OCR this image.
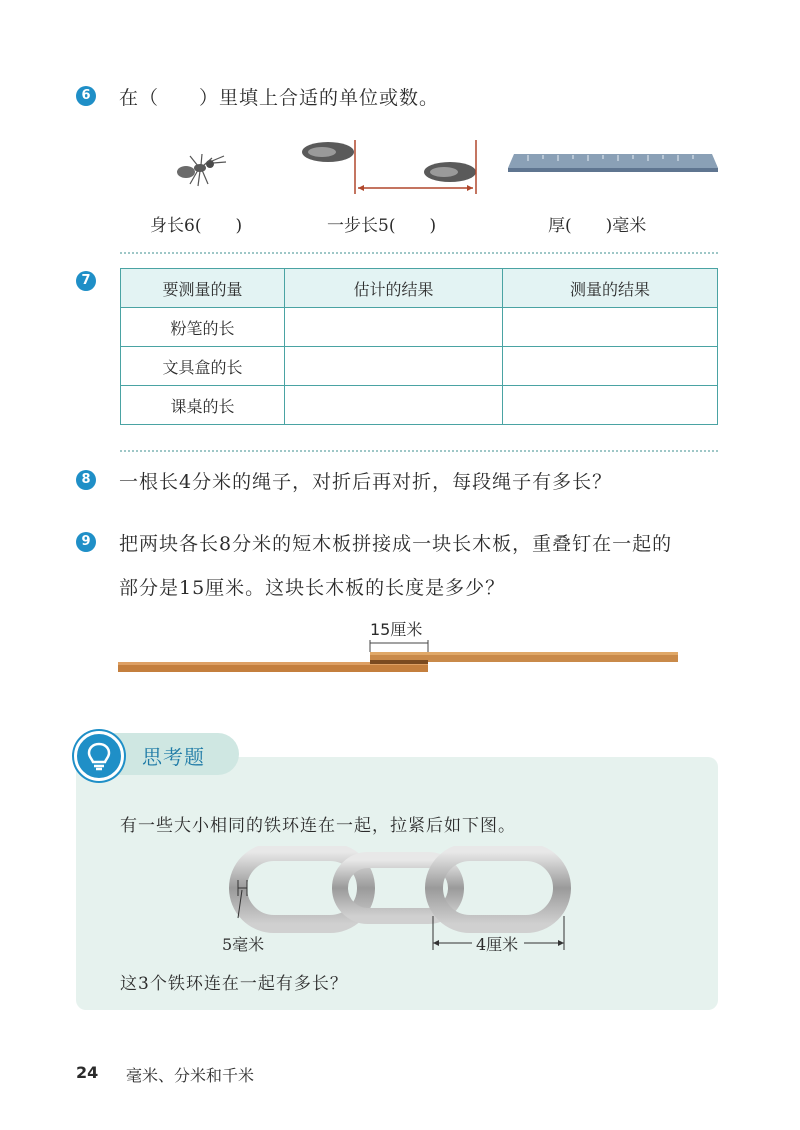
6 在（　　）里填上合适的单位或数。
身长6(　　)	一步长5(　　)	厚(　　)毫米
7	要测量的量	估计的结果	测量的结果
粉笔的长		
文具盒的长		
课桌的长		
8 一根长4分米的绳子，对折后再对折，每段绳子有多长？
9 把两块各长8分米的短木板拼接成一块长木板，重叠钉在一起的
部分是15厘米。这块长木板的长度是多少？
15厘米
思考题
有一些大小相同的铁环连在一起，拉紧后如下图。
5毫米	4厘米
这3个铁环连在一起有多长？
24 毫米、分米和千米
